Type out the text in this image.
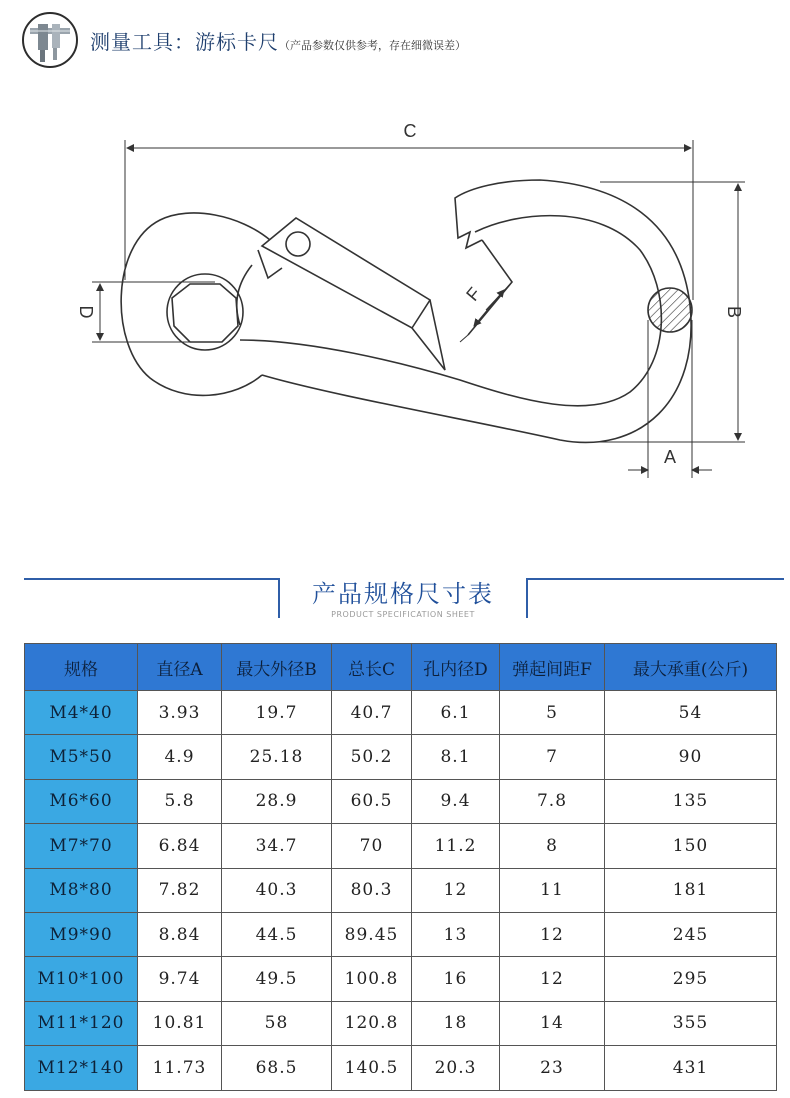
测量工具：游标卡尺（产品参数仅供参考，存在细微误差）
C
B
D
A
F
产品规格尺寸表
PRODUCT SPECIFICATION SHEET
规格	直径A	最大外径B	总长C	孔内径D	弹起间距F	最大承重(公斤)
M4*40	3.93	19.7	40.7	6.1	5	54
M5*50	4.9	25.18	50.2	8.1	7	90
M6*60	5.8	28.9	60.5	9.4	7.8	135
M7*70	6.84	34.7	70	11.2	8	150
M8*80	7.82	40.3	80.3	12	11	181
M9*90	8.84	44.5	89.45	13	12	245
M10*100	9.74	49.5	100.8	16	12	295
M11*120	10.81	58	120.8	18	14	355
M12*140	11.73	68.5	140.5	20.3	23	431
